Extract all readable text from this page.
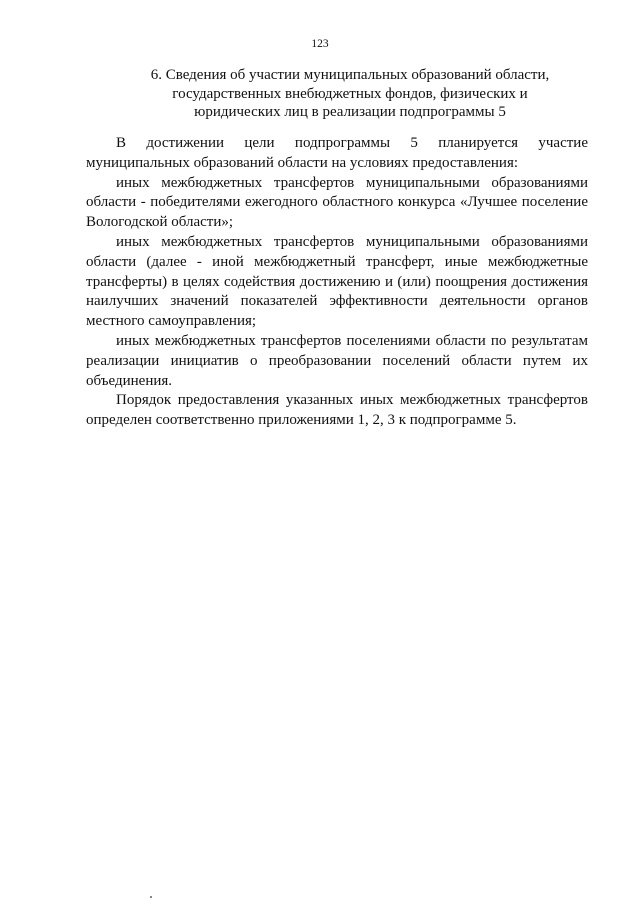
123
6. Сведения об участии муниципальных образований области,
государственных внебюджетных фондов, физических и
юридических лиц в реализации подпрограммы 5

В достижении цели подпрограммы 5 планируется участие муниципальных образований области на условиях предоставления:

иных межбюджетных трансфертов муниципальными образованиями области - победителями ежегодного областного конкурса «Лучшее поселение Вологодской области»;

иных межбюджетных трансфертов муниципальными образованиями области (далее - иной межбюджетный трансферт, иные межбюджетные трансферты) в целях содействия достижению и (или) поощрения достижения наилучших значений показателей эффективности деятельности органов местного самоуправления;

иных межбюджетных трансфертов поселениями области по результатам реализации инициатив о преобразовании поселений области путем их объединения.

Порядок предоставления указанных иных межбюджетных трансфертов определен соответственно приложениями 1, 2, 3 к подпрограмме 5.
